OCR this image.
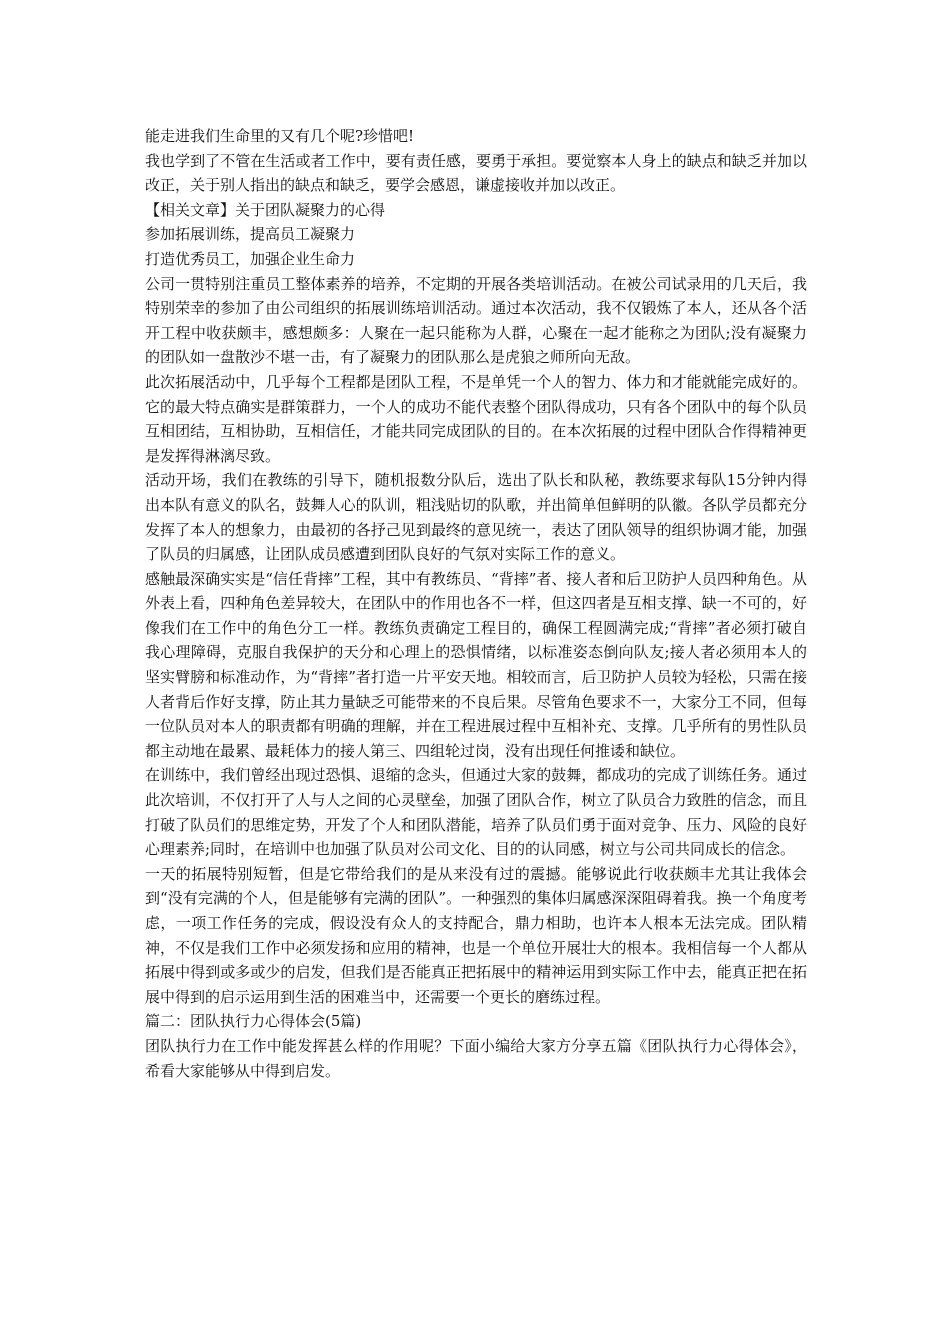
能走进我们生命里的又有几个呢?珍惜吧!

我也学到了不管在生活或者工作中，要有责任感，要勇于承担。要觉察本人身上的缺点和缺乏并加以改正，关于别人指出的缺点和缺乏，要学会感恩，谦虚接收并加以改正。

【相关文章】关于团队凝聚力的心得

参加拓展训练，提高员工凝聚力

打造优秀员工，加强企业生命力

公司一贯特别注重员工整体素养的培养，不定期的开展各类培训活动。在被公司试录用的几天后，我特别荣幸的参加了由公司组织的拓展训练培训活动。通过本次活动，我不仅锻炼了本人，还从各个活开工程中收获颇丰，感想颇多：人聚在一起只能称为人群，心聚在一起才能称之为团队;没有凝聚力的团队如一盘散沙不堪一击，有了凝聚力的团队那么是虎狼之师所向无敌。

此次拓展活动中，几乎每个工程都是团队工程，不是单凭一个人的智力、体力和才能就能完成好的。它的最大特点确实是群策群力，一个人的成功不能代表整个团队得成功，只有各个团队中的每个队员互相团结，互相协助，互相信任，才能共同完成团队的目的。在本次拓展的过程中团队合作得精神更是发挥得淋漓尽致。

活动开场，我们在教练的引导下，随机报数分队后，选出了队长和队秘，教练要求每队15分钟内得出本队有意义的队名，鼓舞人心的队训，粗浅贴切的队歌，并出简单但鲜明的队徽。各队学员都充分发挥了本人的想象力，由最初的各抒己见到最终的意见统一，表达了团队领导的组织协调才能，加强了队员的归属感，让团队成员感遭到团队良好的气氛对实际工作的意义。

感触最深确实实是“信任背摔”工程，其中有教练员、“背摔”者、接人者和后卫防护人员四种角色。从外表上看，四种角色差异较大，在团队中的作用也各不一样，但这四者是互相支撑、缺一不可的，好像我们在工作中的角色分工一样。教练负责确定工程目的，确保工程圆满完成;“背摔”者必须打破自我心理障碍，克服自我保护的天分和心理上的恐惧情绪，以标准姿态倒向队友;接人者必须用本人的坚实臂膀和标准动作，为“背摔”者打造一片平安天地。相较而言，后卫防护人员较为轻松，只需在接人者背后作好支撑，防止其力量缺乏可能带来的不良后果。尽管角色要求不一，大家分工不同，但每一位队员对本人的职责都有明确的理解，并在工程进展过程中互相补充、支撑。几乎所有的男性队员都主动地在最累、最耗体力的接人第三、四组轮过岗，没有出现任何推诿和缺位。

在训练中，我们曾经出现过恐惧、退缩的念头，但通过大家的鼓舞，都成功的完成了训练任务。通过此次培训，不仅打开了人与人之间的心灵壁垒，加强了团队合作，树立了队员合力致胜的信念，而且打破了队员们的思维定势，开发了个人和团队潜能，培养了队员们勇于面对竞争、压力、风险的良好心理素养;同时，在培训中也加强了队员对公司文化、目的的认同感，树立与公司共同成长的信念。

一天的拓展特别短暂，但是它带给我们的是从来没有过的震撼。能够说此行收获颇丰尤其让我体会到“没有完满的个人，但是能够有完满的团队”。一种强烈的集体归属感深深阻碍着我。换一个角度考虑，一项工作任务的完成，假设没有众人的支持配合，鼎力相助，也许本人根本无法完成。团队精神，不仅是我们工作中必须发扬和应用的精神，也是一个单位开展壮大的根本。我相信每一个人都从拓展中得到或多或少的启发，但我们是否能真正把拓展中的精神运用到实际工作中去，能真正把在拓展中得到的启示运用到生活的困难当中，还需要一个更长的磨练过程。

篇二：团队执行力心得体会(5篇)

团队执行力在工作中能发挥甚么样的作用呢？下面小编给大家方分享五篇《团队执行力心得体会》，希看大家能够从中得到启发。
